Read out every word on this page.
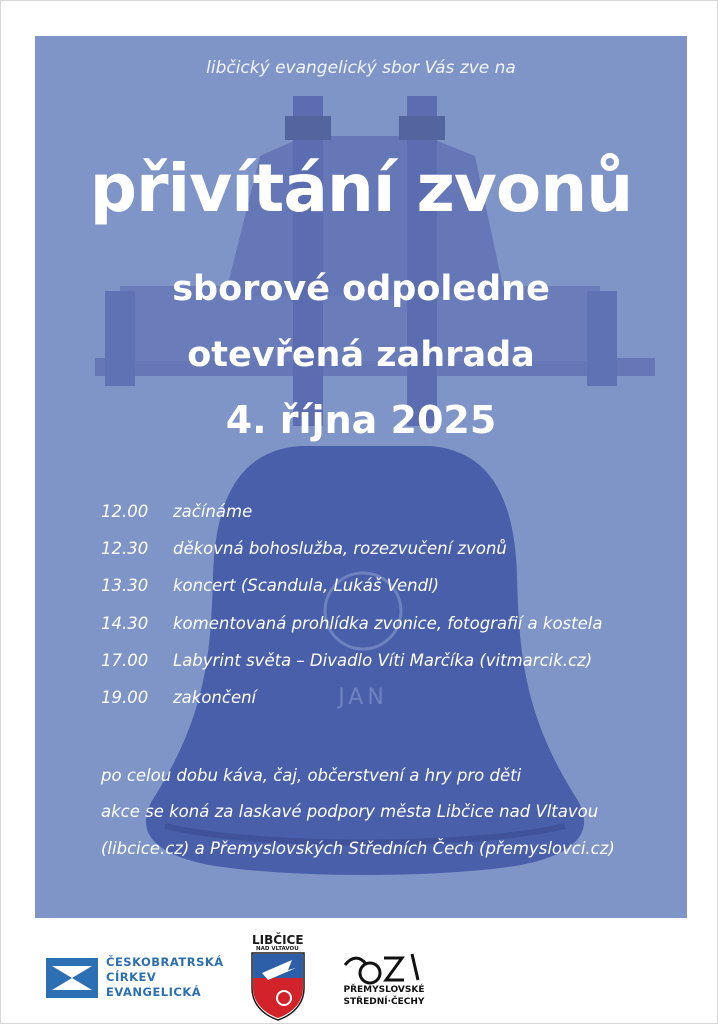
JAN
libčický evangelický sbor Vás zve na
přivítání zvonů
sborové odpoledne
otevřená zahrada
4. října 2025
12.00 začínáme
12.30 děkovná bohoslužba, rozezvučení zvonů
13.30 koncert (Scandula, Lukáš Vendl)
14.30 komentovaná prohlídka zvonice, fotografií a kostela
17.00 Labyrint světa – Divadlo Víti Marčíka (vitmarcik.cz)
19.00 zakončení
po celou dobu káva, čaj, občerstvení a hry pro děti
akce se koná za laskavé podpory města Libčice nad Vltavou
(libcice.cz) a Přemyslovských Středních Čech (přemyslovci.cz)
ČESKOBRATRSKÁ
CÍRKEV
EVANGELICKÁ
LIBČICE
NAD VLTAVOU
PŘEMYSLOVSKÉ
STŘEDNÍ·ČECHY
